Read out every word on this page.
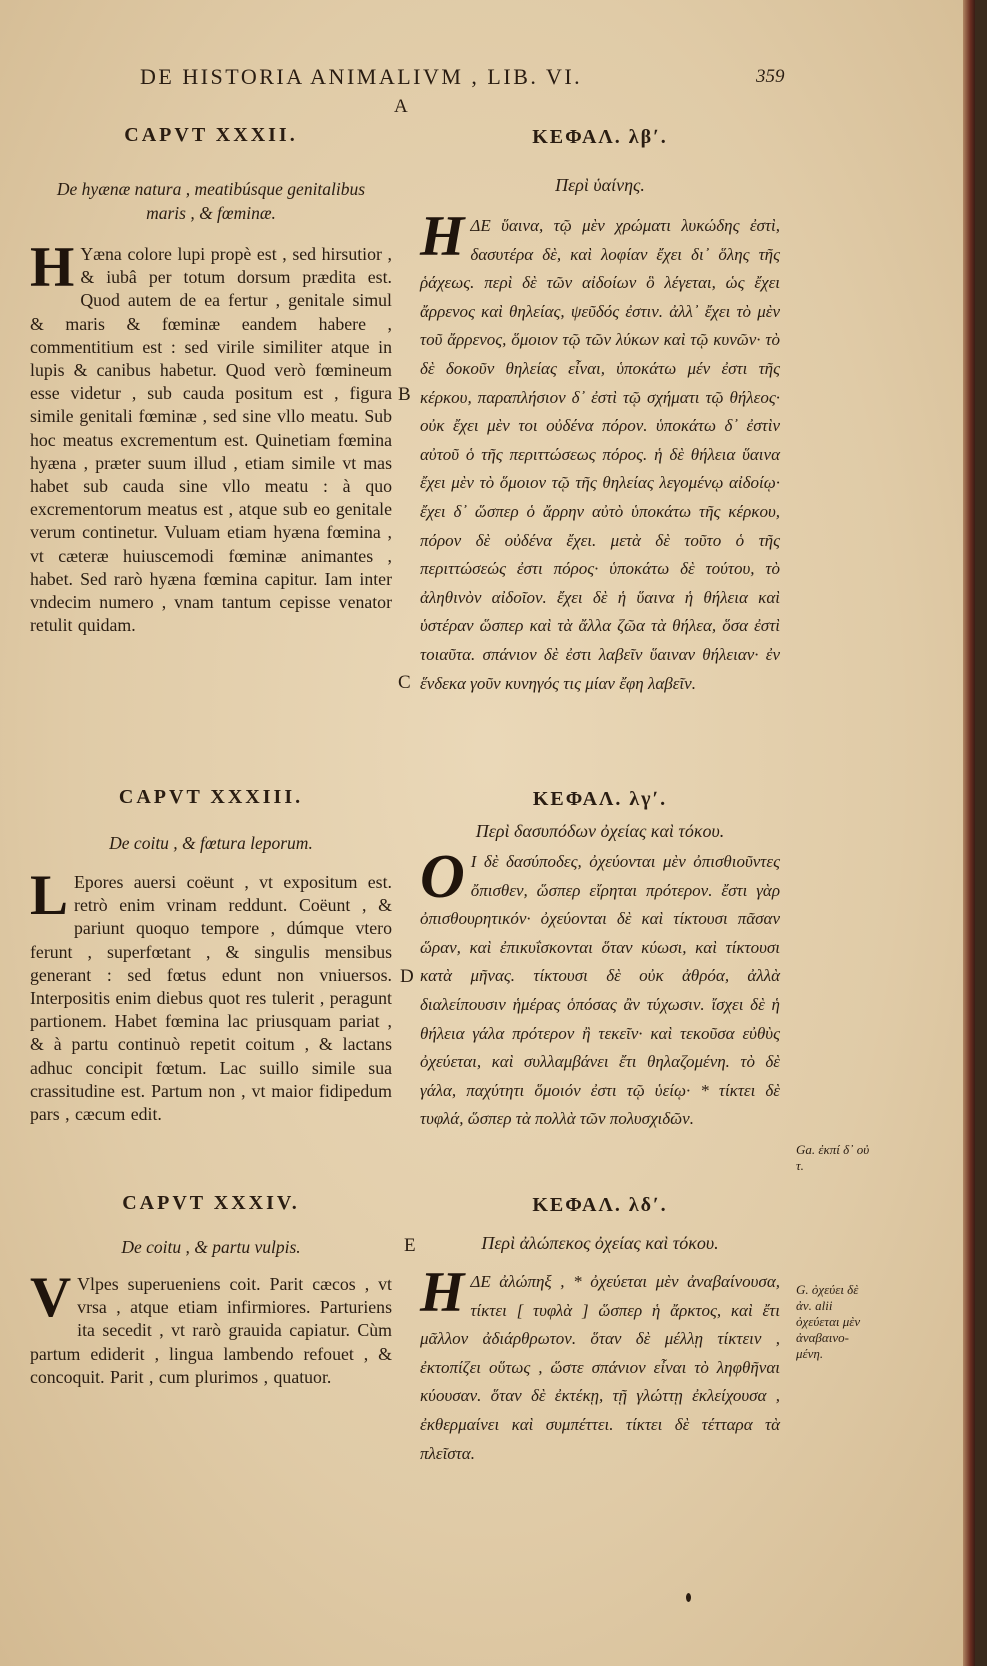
DE HISTORIA ANIMALIVM , LIB. VI.	359
A
B
C
D
E
CAPVT XXXII.

De hyænæ natura , meatibúsque genitalibus
maris , & fœminæ.

H Yæna colore lupi propè est , sed hirsutior , & iubâ per totum dorsum prædita est. Quod autem de ea fertur , genitale simul & maris & fœminæ eandem habere , commentitium est : sed virile similiter atque in lupis & canibus habetur. Quod verò fœmineum esse videtur , sub cauda positum est , figura simile genitali fœminæ , sed sine vllo meatu. Sub hoc meatus excrementum est. Quinetiam fœmina hyæna , præter suum illud , etiam simile vt mas habet sub cauda sine vllo meatu : à quo excrementorum meatus est , atque sub eo genitale verum continetur. Vuluam etiam hyæna fœmina , vt cæteræ huiuscemodi fœminæ animantes , habet. Sed rarò hyæna fœmina capitur. Iam inter vndecim numero , vnam tantum cepisse venator retulit quidam.

CAPVT XXXIII.

De coitu , & fœtura leporum.

L Epores auersi coëunt , vt expositum est. retrò enim vrinam reddunt. Coëunt , & pariunt quoquo tempore , dúmque vtero ferunt , superfœtant , & singulis mensibus generant : sed fœtus edunt non vniuersos. Interpositis enim diebus quot res tulerit , peragunt partionem. Habet fœmina lac priusquam pariat , & à partu continuò repetit coitum , & lactans adhuc concipit fœtum. Lac suillo simile sua crassitudine est. Partum non , vt maior fidipedum pars , cæcum edit.

CAPVT XXXIV.

De coitu , & partu vulpis.

V Vlpes superueniens coit. Parit cæcos , vt vrsa , atque etiam infirmiores. Parturiens ita secedit , vt rarò grauida capiatur. Cùm partum ediderit , lingua lambendo refouet , & concoquit. Parit , cum plurimos , quatuor.

ΚΕΦΑΛ. λβʹ.

Περὶ ὑαίνης.

H ΔΕ ὕαινα, τῷ μὲν χρώματι λυκώδης ἐστὶ, δασυτέρα δὲ, καὶ λοφίαν ἔχει δι᾽ ὅλης τῆς ῥάχεως. περὶ δὲ τῶν αἰδοίων ὃ λέγεται, ὡς ἔχει ἄρρενος καὶ θηλείας, ψεῦδός ἐστιν. ἀλλ᾽ ἔχει τὸ μὲν τοῦ ἄρρενος, ὅμοιον τῷ τῶν λύκων καὶ τῷ κυνῶν· τὸ δὲ δοκοῦν θηλείας εἶναι, ὑποκάτω μέν ἐστι τῆς κέρκου, παραπλήσιον δ᾽ ἐστὶ τῷ σχήματι τῷ θήλεος· οὐκ ἔχει μὲν τοι οὐδένα πόρον. ὑποκάτω δ᾽ ἐστὶν αὐτοῦ ὁ τῆς περιττώσεως πόρος. ἡ δὲ θήλεια ὕαινα ἔχει μὲν τὸ ὅμοιον τῷ τῆς θηλείας λεγομένῳ αἰδοίῳ· ἔχει δ᾽ ὥσπερ ὁ ἄρρην αὐτὸ ὑποκάτω τῆς κέρκου, πόρον δὲ οὐδένα ἔχει. μετὰ δὲ τοῦτο ὁ τῆς περιττώσεώς ἐστι πόρος· ὑποκάτω δὲ τούτου, τὸ ἀληθινὸν αἰδοῖον. ἔχει δὲ ἡ ὕαινα ἡ θήλεια καὶ ὑστέραν ὥσπερ καὶ τὰ ἄλλα ζῶα τὰ θήλεα, ὅσα ἐστὶ τοιαῦτα. σπάνιον δὲ ἐστι λαβεῖν ὕαιναν θήλειαν· ἐν ἕνδεκα γοῦν κυνηγός τις μίαν ἔφη λαβεῖν.

ΚΕΦΑΛ. λγʹ.

Περὶ δασυπόδων ὀχείας καὶ τόκου.

O Ι δὲ δασύποδες, ὀχεύονται μὲν ὀπισθιοῦντες ὄπισθεν, ὥσπερ εἴρηται πρότερον. ἔστι γὰρ ὀπισθουρητικόν· ὀχεύονται δὲ καὶ τίκτουσι πᾶσαν ὥραν, καὶ ἐπικυΐσκονται ὅταν κύωσι, καὶ τίκτουσι κατὰ μῆνας. τίκτουσι δὲ οὐκ ἀθρόα, ἀλλὰ διαλείπουσιν ἡμέρας ὁπόσας ἂν τύχωσιν. ἴσχει δὲ ἡ θήλεια γάλα πρότερον ἢ τεκεῖν· καὶ τεκοῦσα εὐθὺς ὀχεύεται, καὶ συλλαμβάνει ἔτι θηλαζομένη. τὸ δὲ γάλα, παχύτητι ὅμοιόν ἐστι τῷ ὑείῳ· * τίκτει δὲ τυφλά, ὥσπερ τὰ πολλὰ τῶν πολυσχιδῶν.

ΚΕΦΑΛ. λδʹ.

Περὶ ἀλώπεκος ὀχείας καὶ τόκου.

H ΔΕ ἀλώπηξ , * ὀχεύεται μὲν ἀναβαίνουσα, τίκτει [ τυφλὰ ] ὥσπερ ἡ ἄρκτος, καὶ ἔτι μᾶλλον ἀδιάρθρωτον. ὅταν δὲ μέλλῃ τίκτειν , ἐκτοπίζει οὕτως , ὥστε σπάνιον εἶναι τὸ ληφθῆναι κύουσαν. ὅταν δὲ ἐκτέκῃ, τῇ γλώττῃ ἐκλείχουσα , ἐκθερμαίνει καὶ συμπέττει. τίκτει δὲ τέτταρα τὰ πλεῖστα.

Ga. ἐκπί δ᾽ οὐ τ.
G. ὀχεύει δὲ ἀν. alii ὀχεύεται μὲν ἀναβαινο- μένη.
